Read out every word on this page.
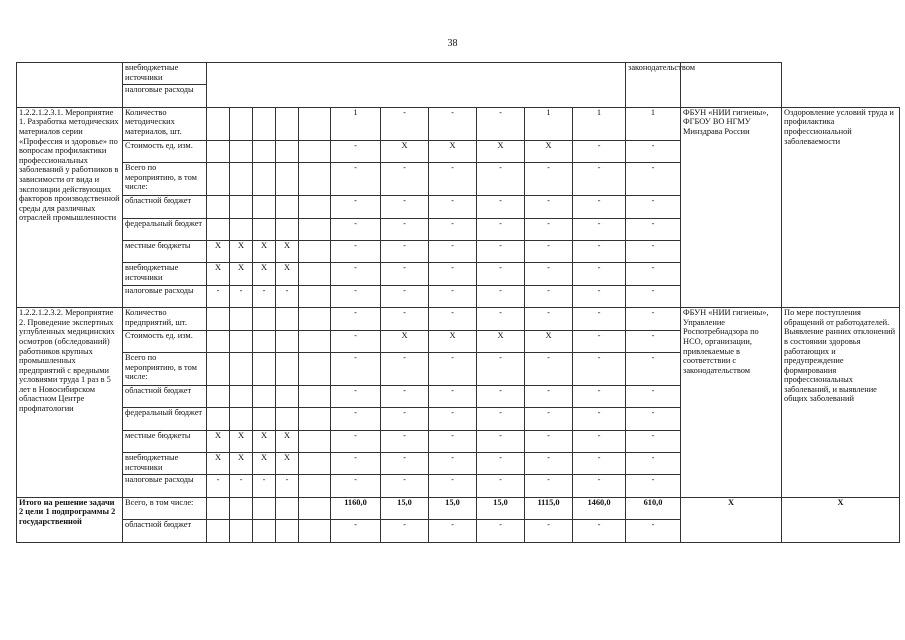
38
	внебюджетные источники												законодательством		
	налоговые расходы														
1.2.2.1.2.3.1. Мероприятие 1. Разработка методических материалов серии «Профессия и здоровье» по вопросам профилактики профессиональных заболеваний у работников в зависимости от вида и экспозиции действующих факторов производственной среды для различных отраслей промышленности	Количество методических материалов, шт.						1	-	-	-	1	1	1	ФБУН «НИИ гигиены», ФГБОУ ВО НГМУ Минздрава России	Оздоровление условий труда и профилактика профессиональной заболеваемости
	Стоимость ед. изм.						-	X	X	X	X	-	-		
	Всего по мероприятию, в том числе:						-	-	-	-	-	-	-		
	областной бюджет						-	-	-	-	-	-	-		
	федеральный бюджет						-	-	-	-	-	-	-		
	местные бюджеты	X	X	X	X		-	-	-	-	-	-	-		
	внебюджетные источники	X	X	X	X		-	-	-	-	-	-	-		
	налоговые расходы	-	-	-	-		-	-	-	-	-	-	-		
1.2.2.1.2.3.2. Мероприятие 2. Проведение экспертных углубленных медицинских осмотров (обследований) работников крупных промышленных предприятий с вредными условиями труда 1 раз в 5 лет в Новосибирском областном Центре профпатологии	Количество предприятий, шт.						-	-	-	-	-	-	-	ФБУН «НИИ гигиены», Управление Роспотребнадзора по НСО, организации, привлекаемые в соответствии с законодательством	По мере поступления обращений от работодателей. Выявление ранних отклонений в состоянии здоровья работающих и предупреждение формирования профессиональных заболеваний, и выявление общих заболеваний
	Стоимость ед. изм.						-	X	X	X	X	-	-		
	Всего по мероприятию, в том числе:						-	-	-	-	-	-	-		
	областной бюджет						-	-	-	-	-	-	-		
	федеральный бюджет						-	-	-	-	-	-	-		
	местные бюджеты	X	X	X	X		-	-	-	-	-	-	-		
	внебюджетные источники	X	X	X	X		-	-	-	-	-	-	-		
	налоговые расходы	-	-	-	-		-	-	-	-	-	-	-		
Итого на решение задачи 2 цели 1 подпрограммы 2 государственной	Всего, в том числе:						1160,0	15,0	15,0	15,0	1115,0	1460,0	610,0	X	X
	областной бюджет						-	-	-	-	-	-	-		
